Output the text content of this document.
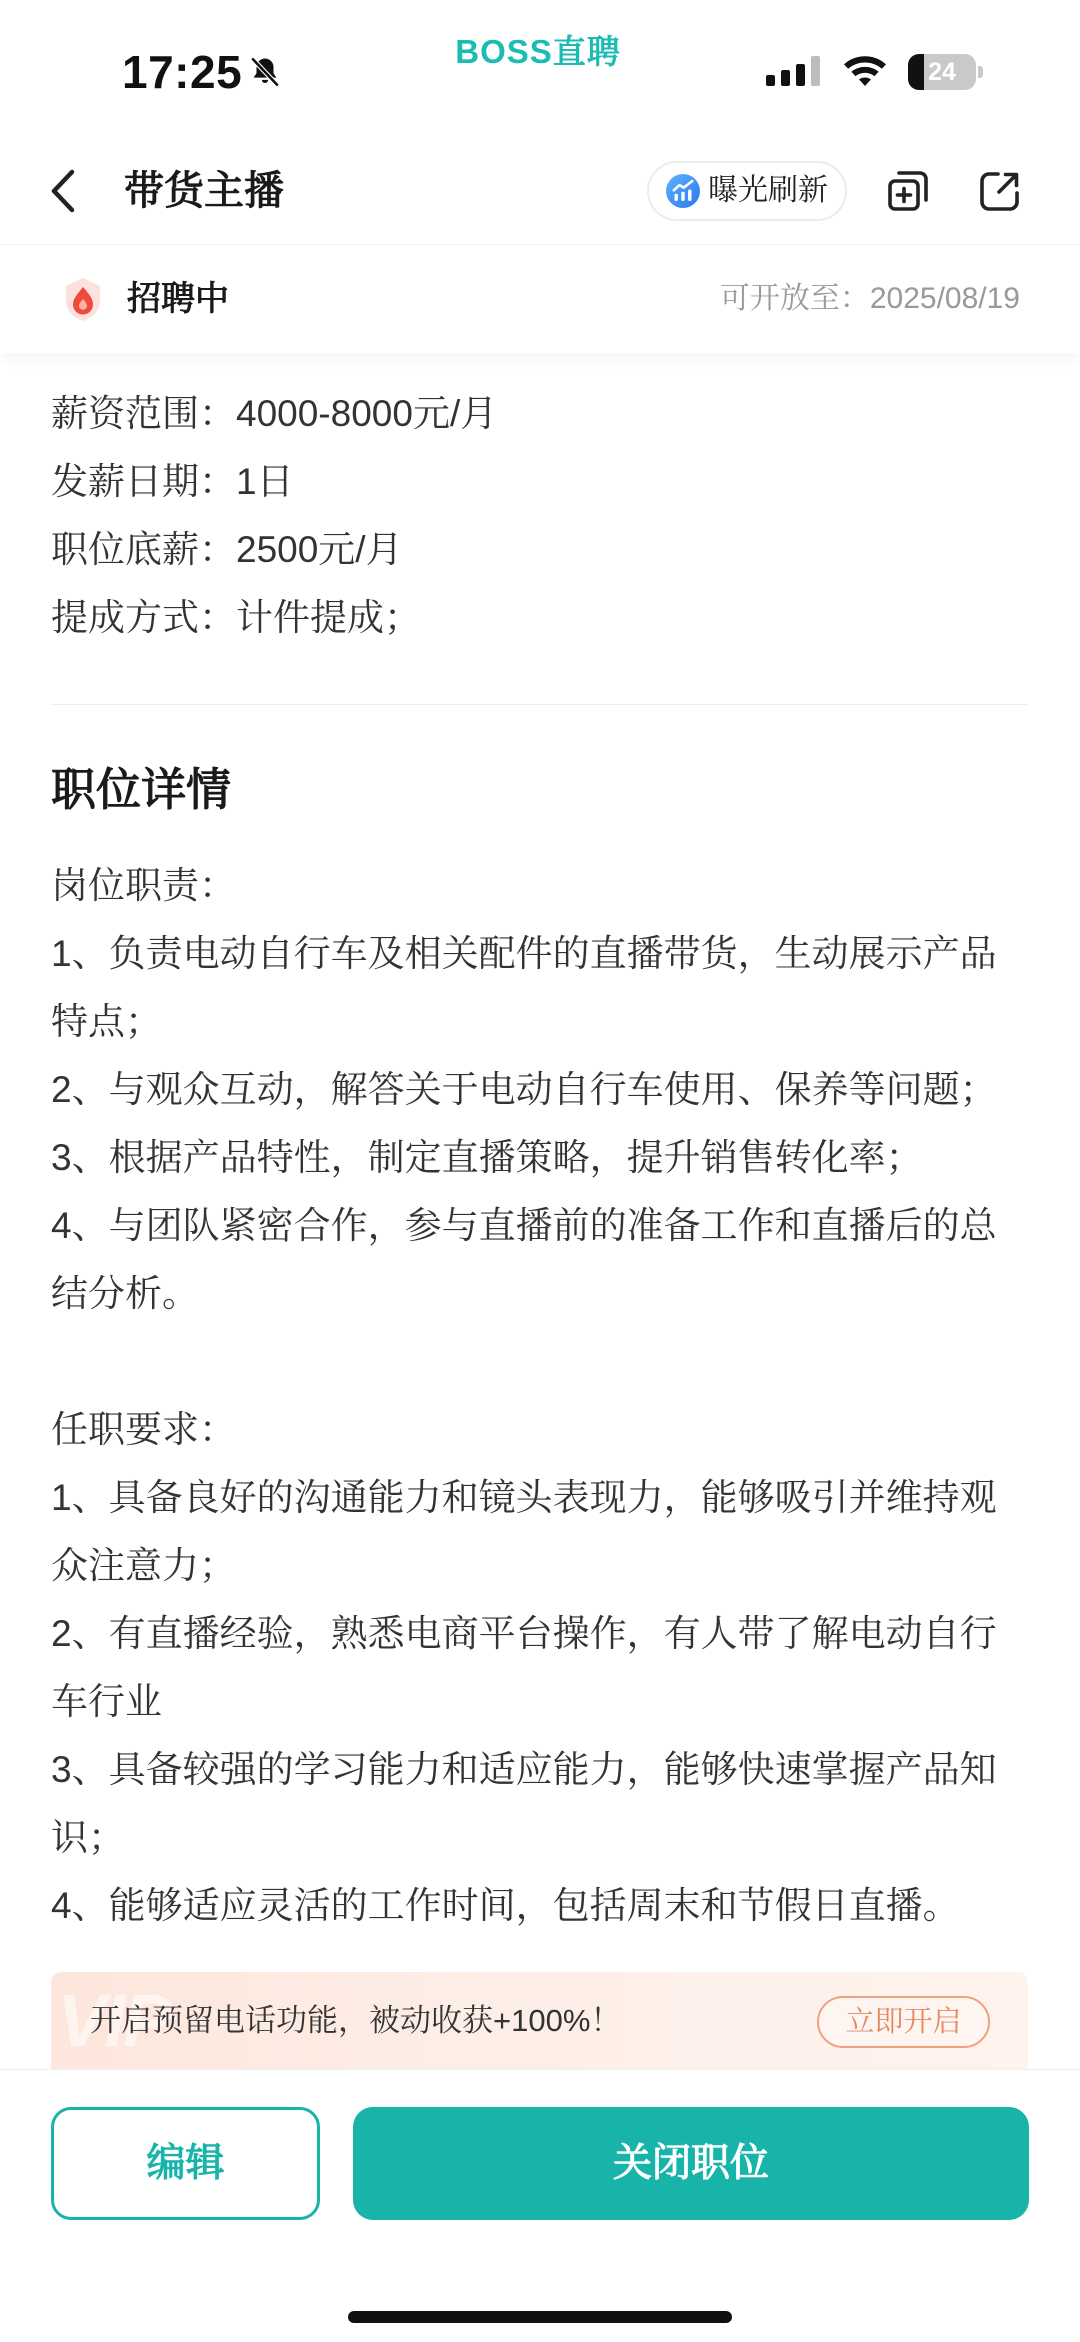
17:25	BOSS直聘
24
带货主播	曝光刷新
招聘中	可开放至：2025/08/19
薪资范围：4000-8000元/月
发薪日期：1日
职位底薪：2500元/月
提成方式：计件提成；
职位详情

岗位职责：

1、负责电动自行车及相关配件的直播带货，生动展示产品特点；

2、与观众互动，解答关于电动自行车使用、保养等问题；

3、根据产品特性，制定直播策略，提升销售转化率；

4、与团队紧密合作，参与直播前的准备工作和直播后的总结分析。

任职要求：

1、具备良好的沟通能力和镜头表现力，能够吸引并维持观众注意力；

2、有直播经验，熟悉电商平台操作，有人带了解电动自行车行业

3、具备较强的学习能力和适应能力，能够快速掌握产品知识；

4、能够适应灵活的工作时间，包括周末和节假日直播。

VIP
开启预留电话功能，被动收获+100%！	立即开启
编辑	关闭职位
